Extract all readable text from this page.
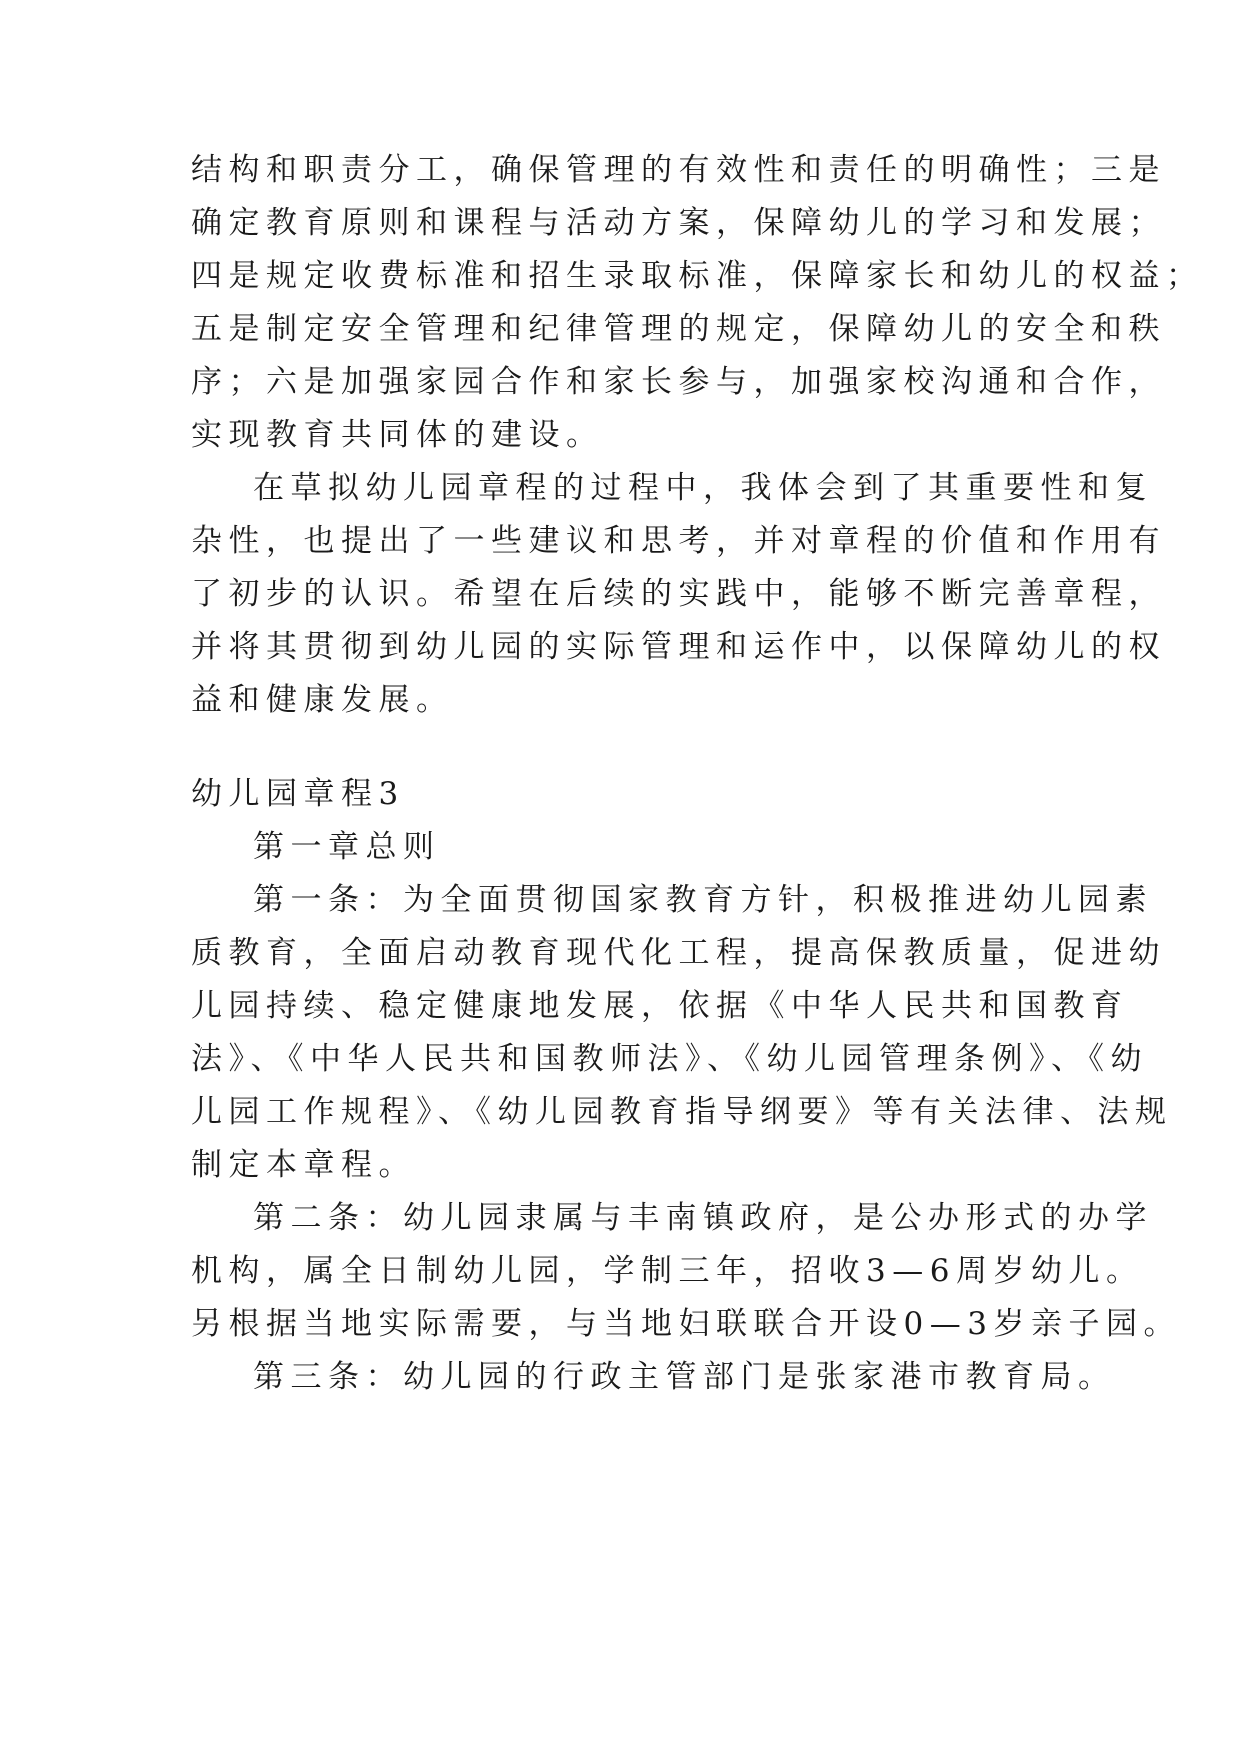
结构和职责分工，确保管理的有效性和责任的明确性；三是
确定教育原则和课程与活动方案，保障幼儿的学习和发展；
四是规定收费标准和招生录取标准，保障家长和幼儿的权益；
五是制定安全管理和纪律管理的规定，保障幼儿的安全和秩
序；六是加强家园合作和家长参与，加强家校沟通和合作，
实现教育共同体的建设。
在草拟幼儿园章程的过程中，我体会到了其重要性和复
杂性，也提出了一些建议和思考，并对章程的价值和作用有
了初步的认识。希望在后续的实践中，能够不断完善章程，
并将其贯彻到幼儿园的实际管理和运作中，以保障幼儿的权
益和健康发展。
幼儿园章程3
第一章总则
第一条：为全面贯彻国家教育方针，积极推进幼儿园素
质教育，全面启动教育现代化工程，提高保教质量，促进幼
儿园持续、稳定健康地发展，依据《中华人民共和国教育
法》、《中华人民共和国教师法》、《幼儿园管理条例》、《幼
儿园工作规程》、《幼儿园教育指导纲要》等有关法律、法规
制定本章程。
第二条：幼儿园隶属与丰南镇政府，是公办形式的办学
机构，属全日制幼儿园，学制三年，招收3—6周岁幼儿。
另根据当地实际需要，与当地妇联联合开设0—3岁亲子园。
第三条：幼儿园的行政主管部门是张家港市教育局。
